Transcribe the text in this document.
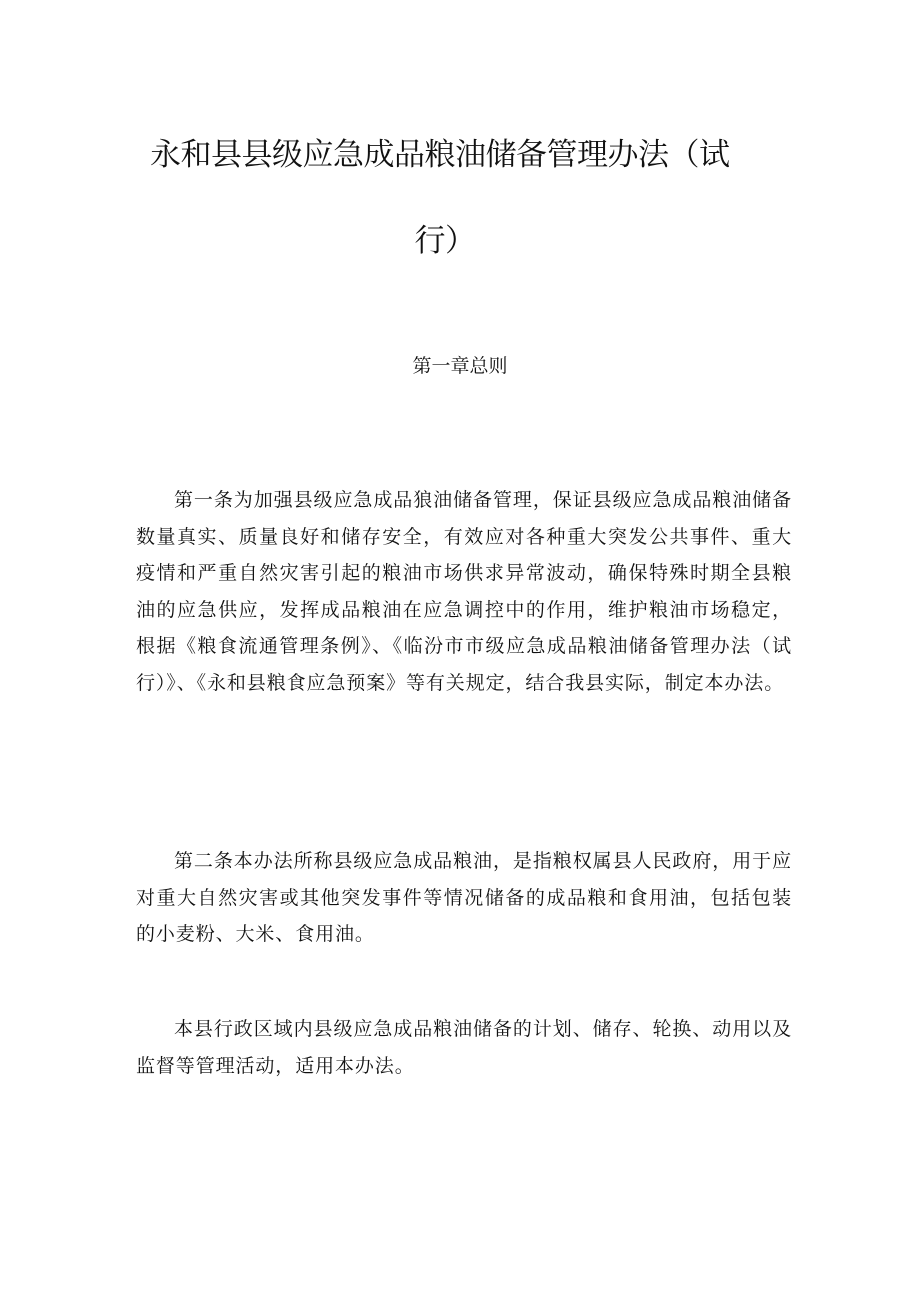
永和县县级应急成品粮油储备管理办法（试
行）
第一章总则

第一条为加强县级应急成品狼油储备管理，保证县级应急成品粮油储备数量真实、质量良好和储存安全，有效应对各种重大突发公共事件、重大疫情和严重自然灾害引起的粮油市场供求异常波动，确保特殊时期全县粮油的应急供应，发挥成品粮油在应急调控中的作用，维护粮油市场稳定，根据《粮食流通管理条例》、《临汾市市级应急成品粮油储备管理办法（试行）》、《永和县粮食应急预案》等有关规定，结合我县实际，制定本办法。

第二条本办法所称县级应急成品粮油，是指粮权属县人民政府，用于应对重大自然灾害或其他突发事件等情况储备的成品粮和食用油，包括包装的小麦粉、大米、食用油。

本县行政区域内县级应急成品粮油储备的计划、储存、轮换、动用以及监督等管理活动，适用本办法。
